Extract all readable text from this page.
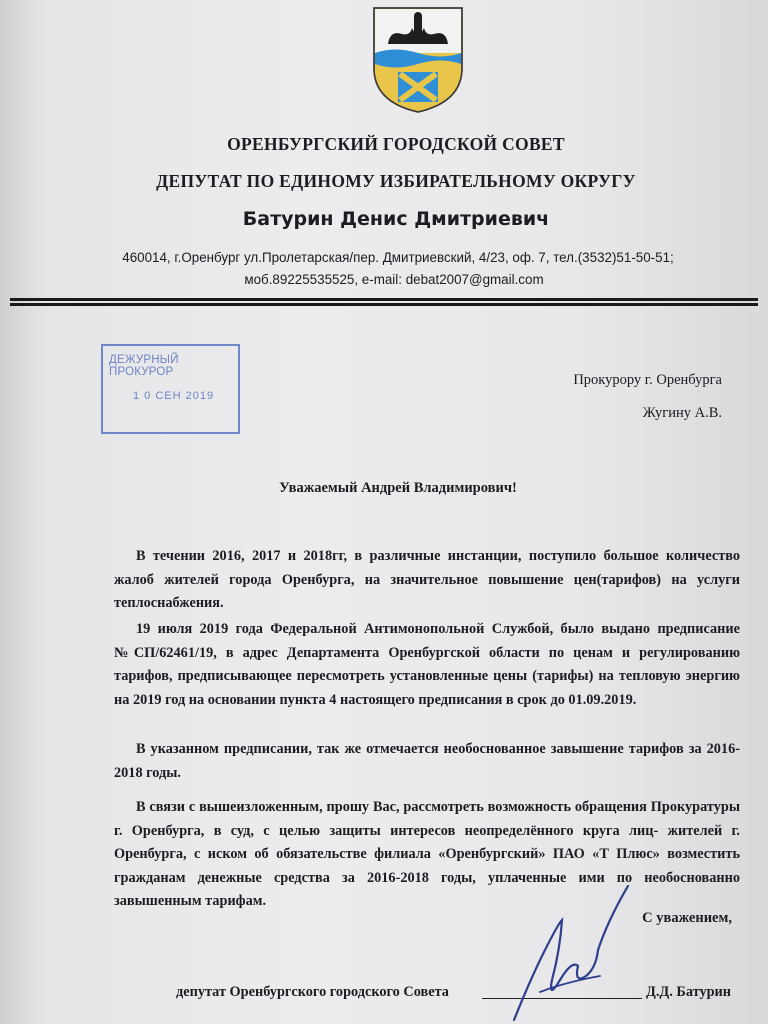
ОРЕНБУРГСКИЙ ГОРОДСКОЙ СОВЕТ
ДЕПУТАТ ПО ЕДИНОМУ ИЗБИРАТЕЛЬНОМУ ОКРУГУ
Батурин Денис Дмитриевич
460014, г.Оренбург ул.Пролетарская/пер. Дмитриевский, 4/23, оф. 7, тел.(3532)51-50-51;
моб.89225535525, e-mail: debat2007@gmail.com
ДЕЖУРНЫЙ ПРОКУРОР
1 0 СЕН 2019
Прокурору г. Оренбурга
Жугину А.В.
Уважаемый Андрей Владимирович!
В течении 2016, 2017 и 2018гг, в различные инстанции, поступило большое количество жалоб жителей города Оренбурга, на значительное повышение цен(тарифов) на услуги теплоснабжения.
19 июля 2019 года Федеральной Антимонопольной Службой, было выдано предписание №СП/62461/19, в адрес Департамента Оренбургской области по ценам и регулированию тарифов, предписывающее пересмотреть установленные цены (тарифы) на тепловую энергию на 2019 год на основании пункта 4 настоящего предписания в срок до 01.09.2019.
В указанном предписании, так же отмечается необоснованное завышение тарифов за 2016-2018 годы.
В связи с вышеизложенным, прошу Вас, рассмотреть возможность обращения Прокуратуры г. Оренбурга, в суд, с целью защиты интересов неопределённого круга лиц- жителей г. Оренбурга, с иском об обязательстве филиала «Оренбургский» ПАО «Т Плюс» возместить гражданам денежные средства за 2016-2018 годы, уплаченные ими по необоснованно завышенным тарифам.
С уважением,
депутат Оренбургского городского Совета	Д.Д. Батурин
